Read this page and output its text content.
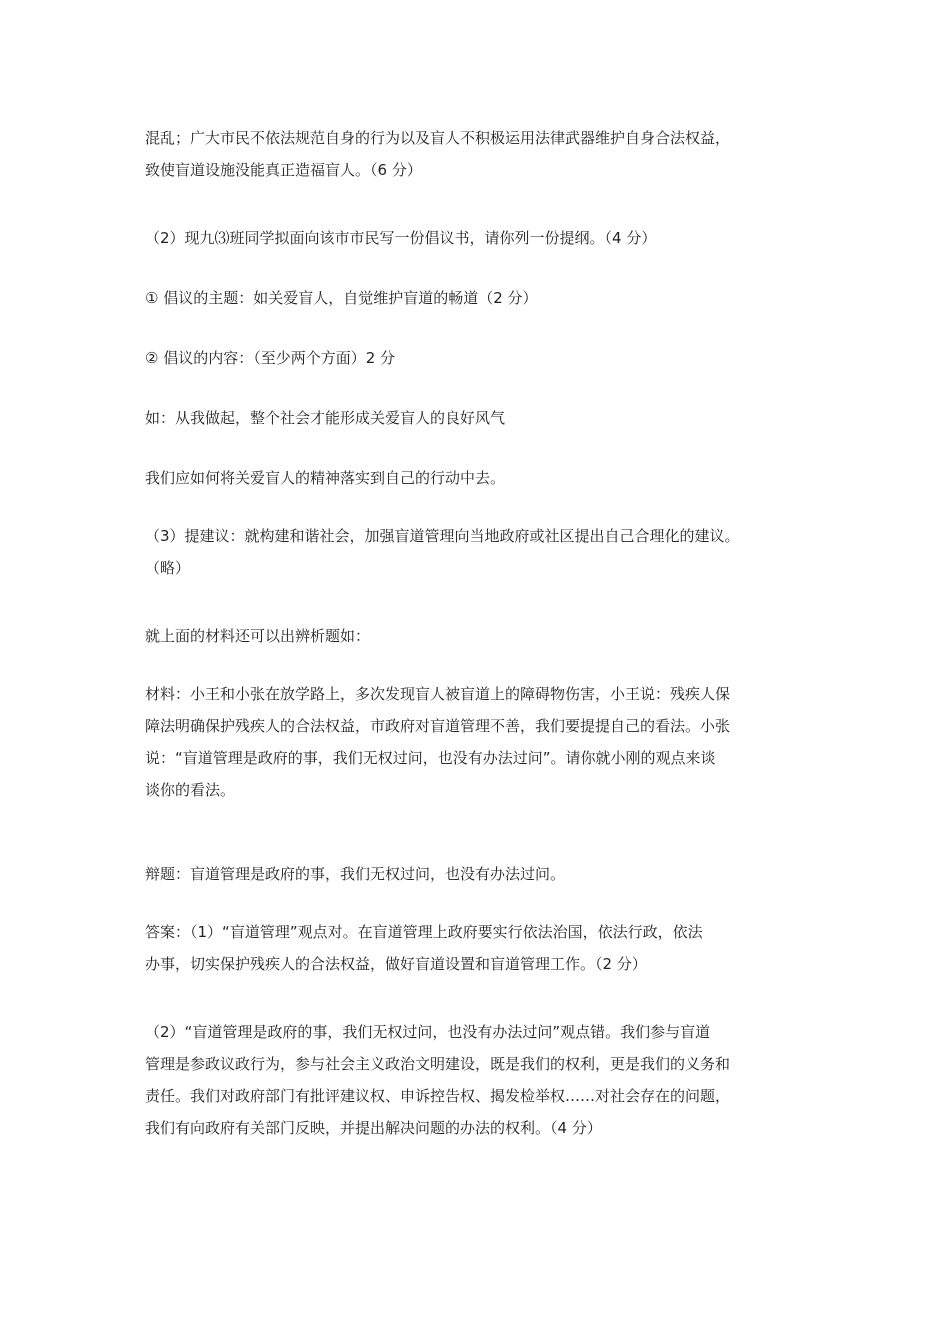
混乱；广大市民不依法规范自身的行为以及盲人不积极运用法律武器维护自身合法权益，
致使盲道设施没能真正造福盲人。（6 分）

（2）现九⑶班同学拟面向该市市民写一份倡议书，请你列一份提纲。（4 分）

① 倡议的主题：如关爱盲人，自觉维护盲道的畅道（2 分）

② 倡议的内容：（至少两个方面）2 分

如：从我做起，整个社会才能形成关爱盲人的良好风气

我们应如何将关爱盲人的精神落实到自己的行动中去。

（3）提建议：就构建和谐社会，加强盲道管理向当地政府或社区提出自己合理化的建议。
（略）

就上面的材料还可以出辨析题如：

材料：小王和小张在放学路上，多次发现盲人被盲道上的障碍物伤害，小王说：残疾人保
障法明确保护残疾人的合法权益，市政府对盲道管理不善，我们要提提自己的看法。小张
说：“盲道管理是政府的事，我们无权过问，也没有办法过问”。请你就小刚的观点来谈
谈你的看法。

辩题：盲道管理是政府的事，我们无权过问，也没有办法过问。

答案：（1）“盲道管理”观点对。在盲道管理上政府要实行依法治国，依法行政，依法
办事，切实保护残疾人的合法权益，做好盲道设置和盲道管理工作。（2 分）

（2）“盲道管理是政府的事，我们无权过问，也没有办法过问”观点错。我们参与盲道
管理是参政议政行为，参与社会主义政治文明建设，既是我们的权利，更是我们的义务和
责任。我们对政府部门有批评建议权、申诉控告权、揭发检举权……对社会存在的问题，
我们有向政府有关部门反映，并提出解决问题的办法的权利。（4 分）
